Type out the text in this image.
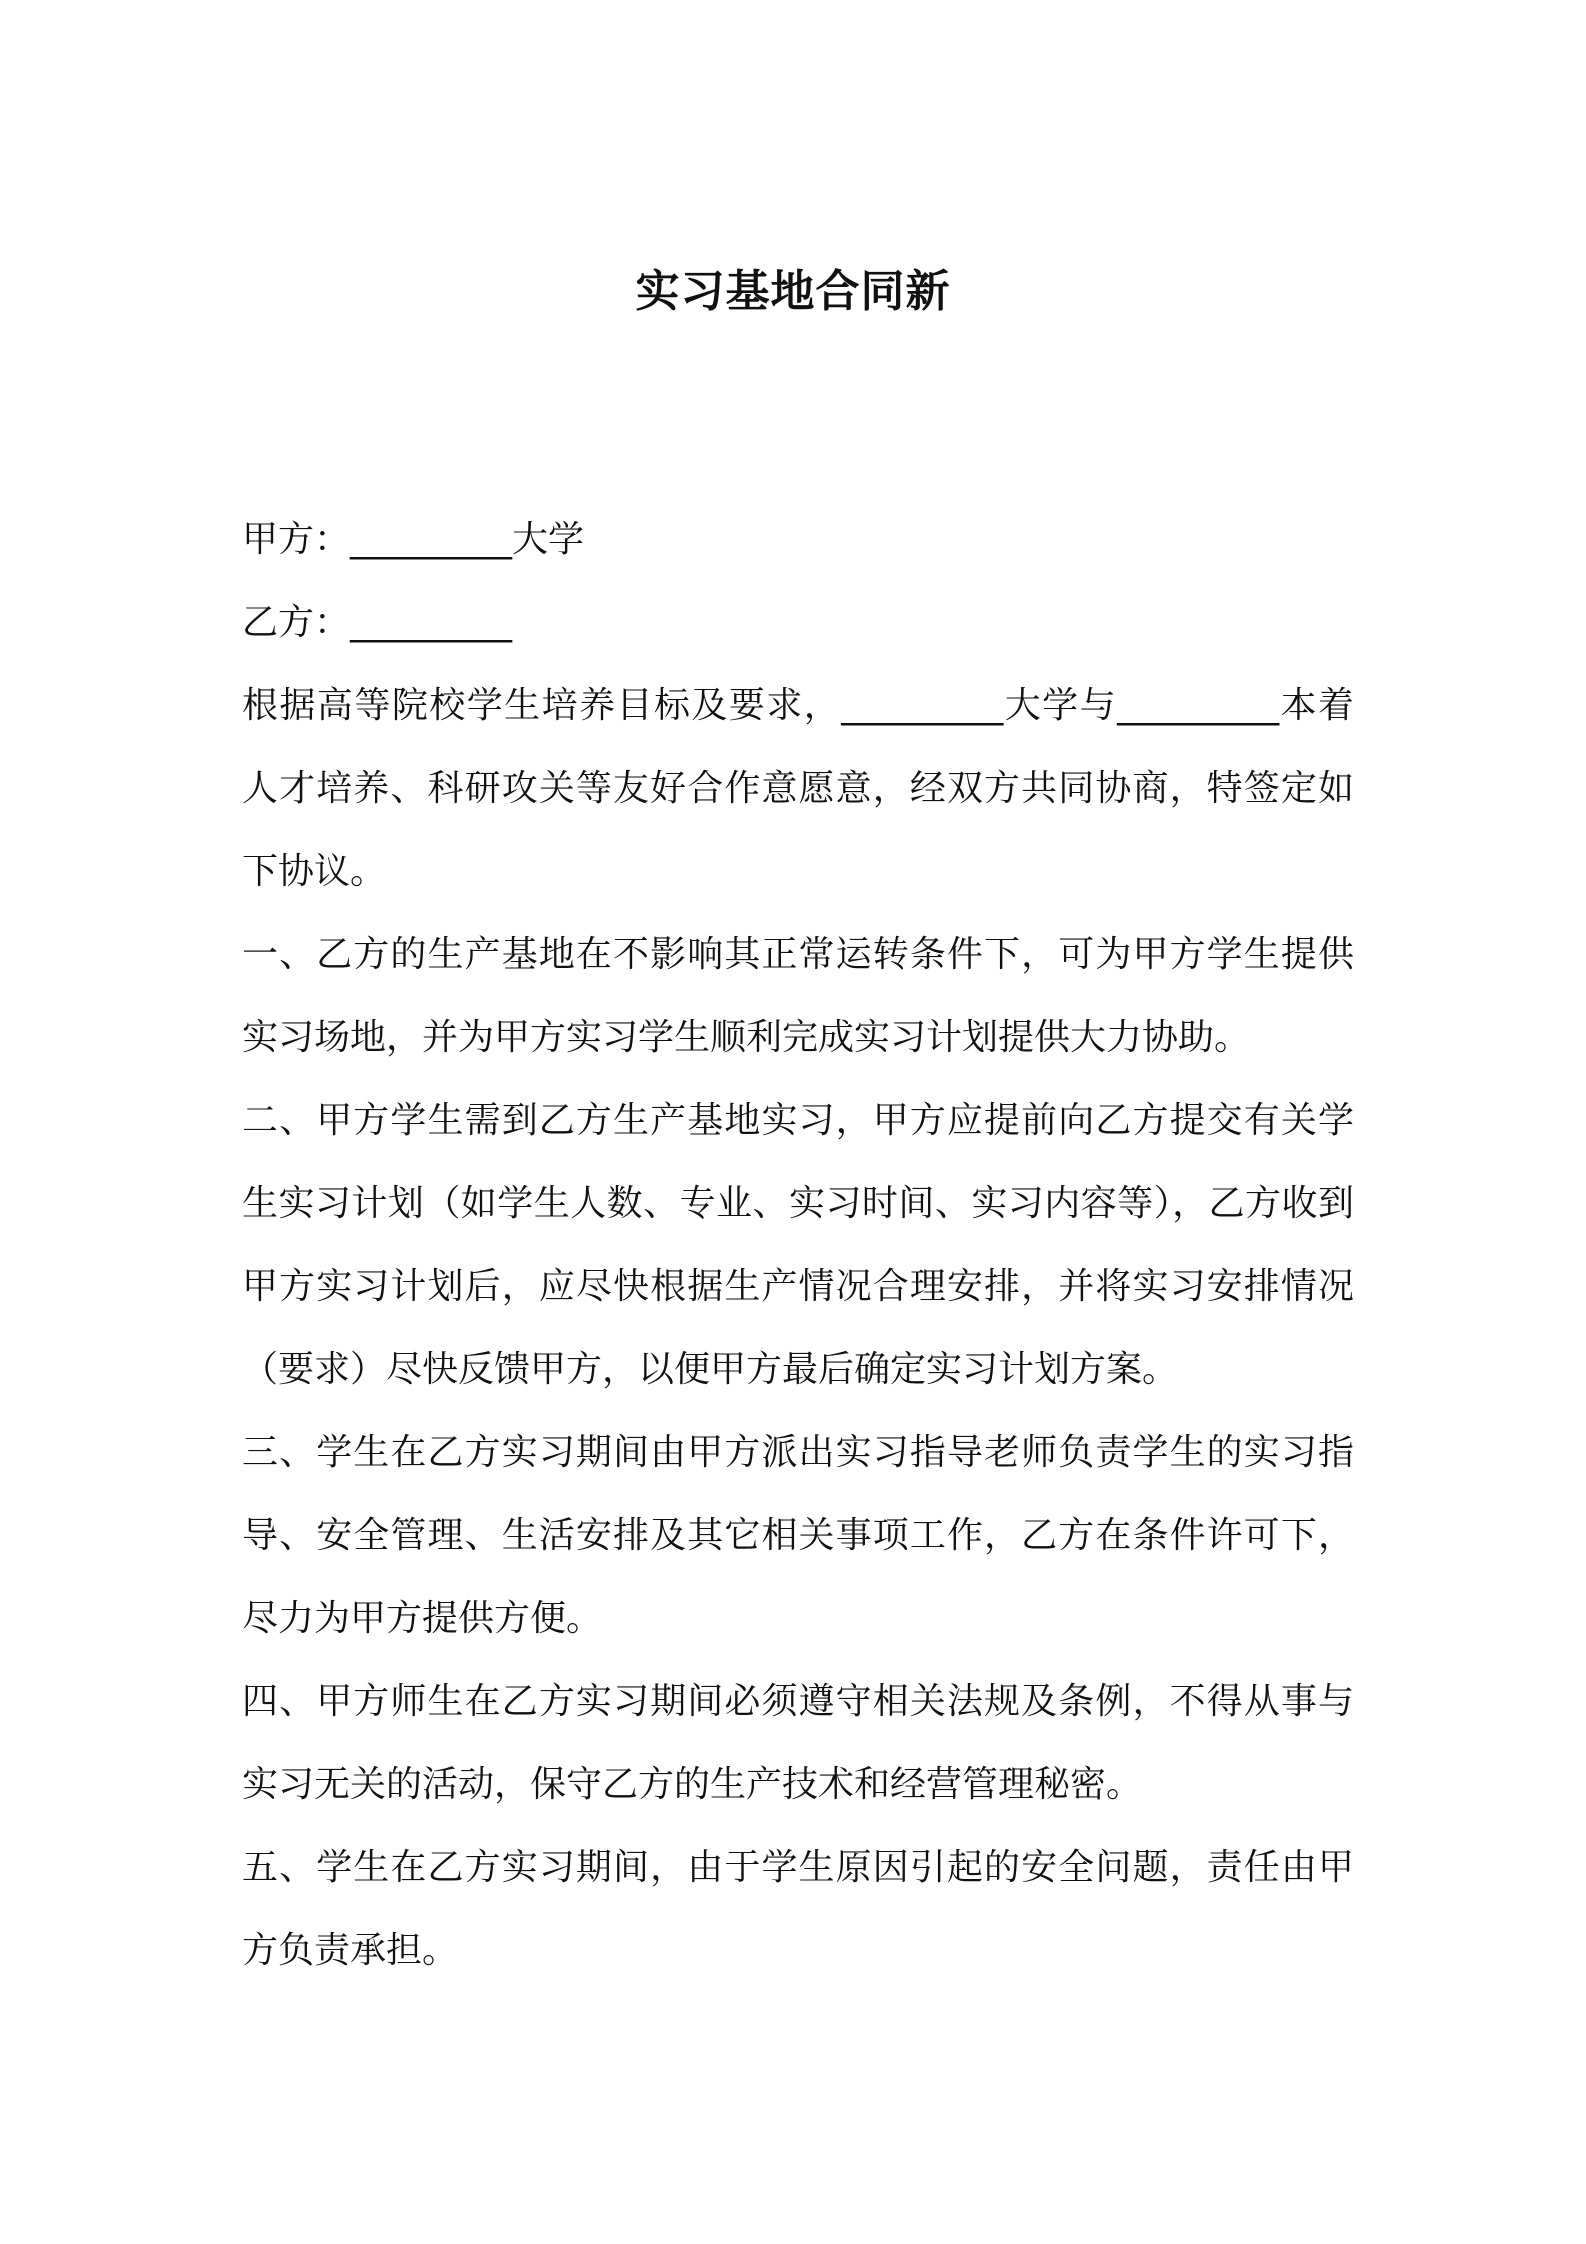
实习基地合同新

甲方：_________大学

乙方：_________

根据高等院校学生培养目标及要求，_________大学与_________本着人才培养、科研攻关等友好合作意愿意，经双方共同协商，特签定如下协议。

一、乙方的生产基地在不影响其正常运转条件下，可为甲方学生提供实习场地，并为甲方实习学生顺利完成实习计划提供大力协助。

二、甲方学生需到乙方生产基地实习，甲方应提前向乙方提交有关学生实习计划（如学生人数、专业、实习时间、实习内容等），乙方收到甲方实习计划后，应尽快根据生产情况合理安排，并将实习安排情况（要求）尽快反馈甲方，以便甲方最后确定实习计划方案。

三、学生在乙方实习期间由甲方派出实习指导老师负责学生的实习指导、安全管理、生活安排及其它相关事项工作，乙方在条件许可下，尽力为甲方提供方便。

四、甲方师生在乙方实习期间必须遵守相关法规及条例，不得从事与实习无关的活动，保守乙方的生产技术和经营管理秘密。

五、学生在乙方实习期间，由于学生原因引起的安全问题，责任由甲方负责承担。
